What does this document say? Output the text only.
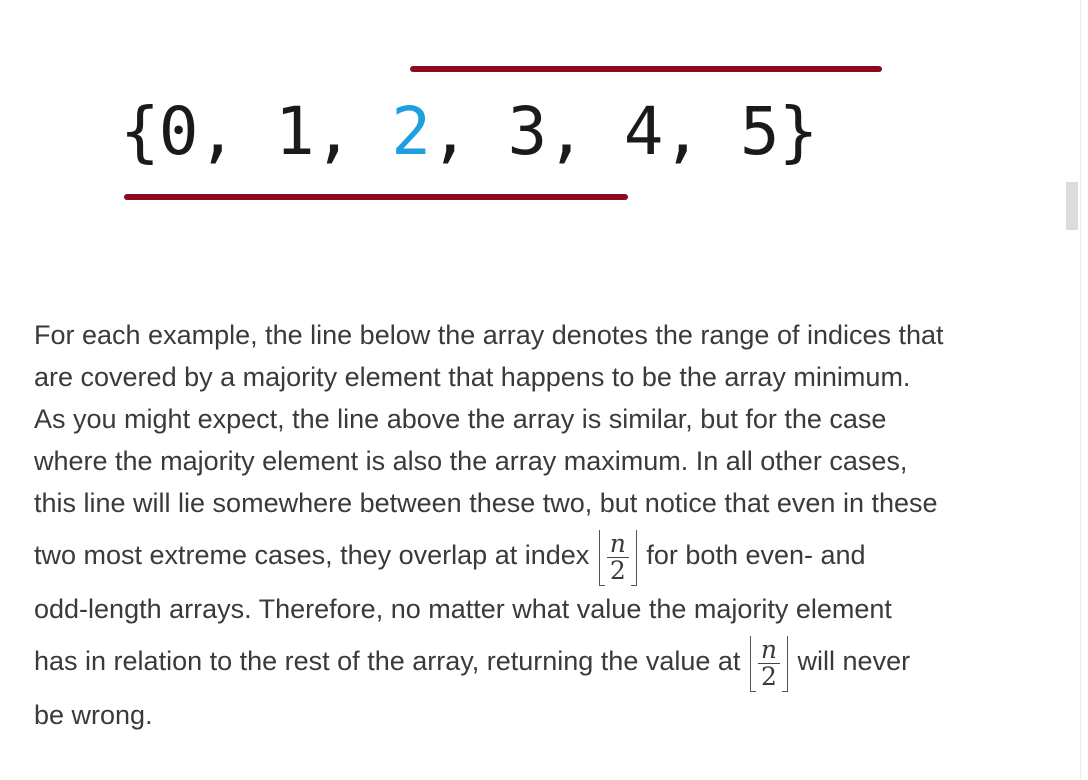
{0, 1, 2, 3, 4, 5}

For each example, the line below the array denotes the range of indices that
are covered by a majority element that happens to be the array minimum.
As you might expect, the line above the array is similar, but for the case
where the majority element is also the array maximum. In all other cases,
this line will lie somewhere between these two, but notice that even in these
two most extreme cases, they overlap at index $\frac{n}{2}$ for both even- and
odd-length arrays. Therefore, no matter what value the majority element
has in relation to the rest of the array, returning the value at $\frac{n}{2}$ will never
be wrong.
